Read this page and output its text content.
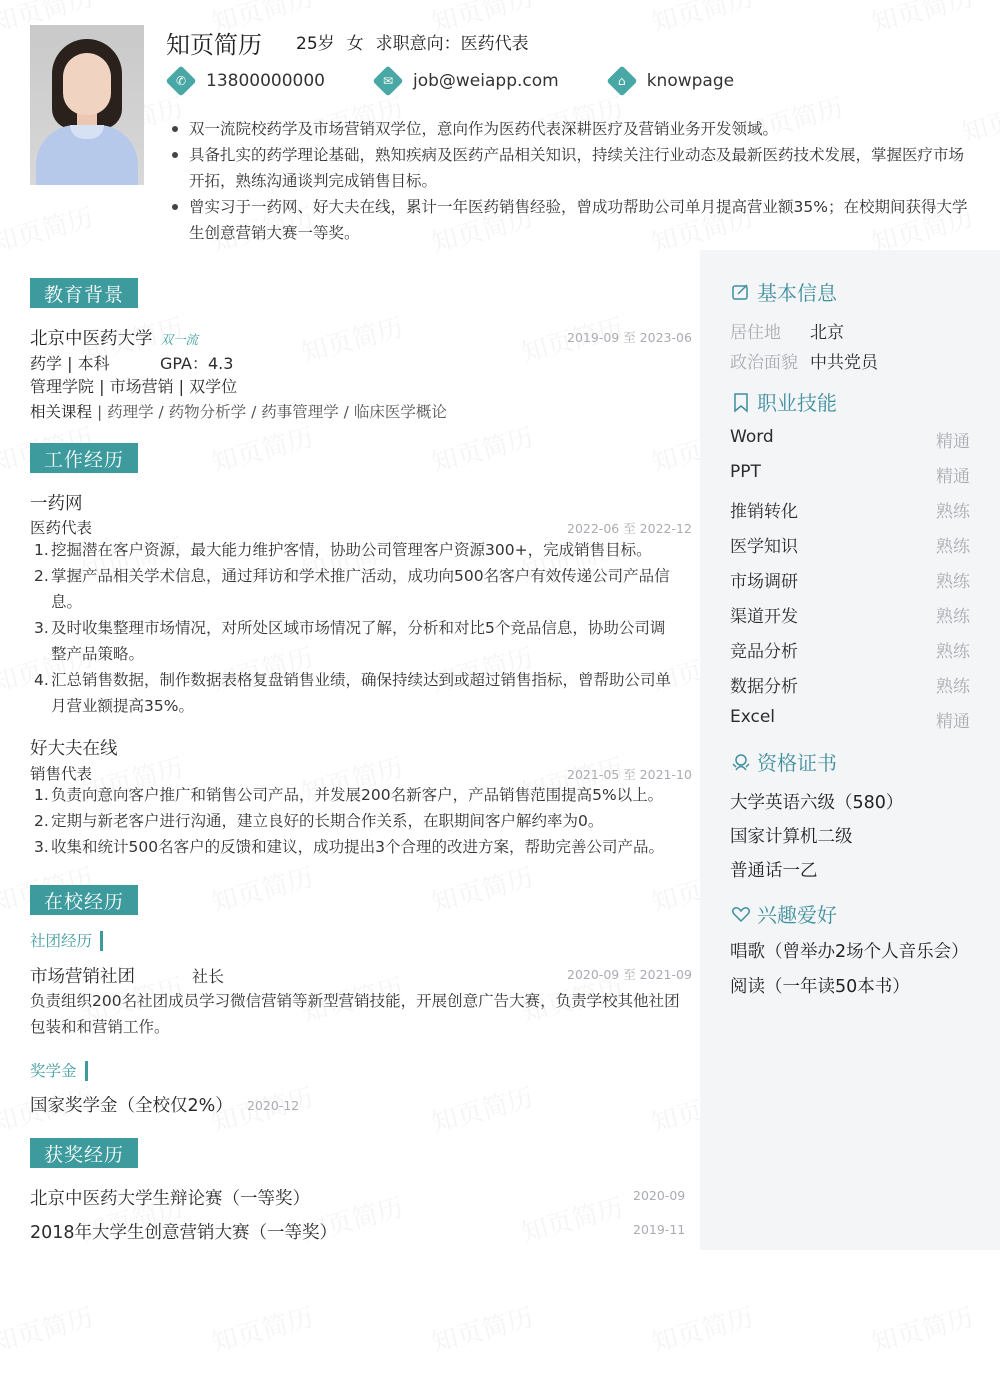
知页简历 25岁 女 求职意向：医药代表
✆	13800000000	✉	job@weiapp.com	⌂	knowpage
双一流院校药学及市场营销双学位，意向作为医药代表深耕医疗及营销业务开发领域。
具备扎实的药学理论基础，熟知疾病及医药产品相关知识，持续关注行业动态及最新医药技术发展，掌握医疗市场开拓，熟练沟通谈判完成销售目标。
曾实习于一药网、好大夫在线，累计一年医药销售经验，曾成功帮助公司单月提高营业额35%；在校期间获得大学生创意营销大赛一等奖。
教育背景
北京中医药大学 双一流	2019-09 至 2023-06
药学 | 本科	GPA：4.3
管理学院 | 市场营销 | 双学位
相关课程 | 药理学 / 药物分析学 / 药事管理学 / 临床医学概论
工作经历
一药网
医药代表	2022-06 至 2022-12
1. 挖掘潜在客户资源，最大能力维护客情，协助公司管理客户资源300+，完成销售目标。
2. 掌握产品相关学术信息，通过拜访和学术推广活动，成功向500名客户有效传递公司产品信息。
3. 及时收集整理市场情况，对所处区域市场情况了解，分析和对比5个竞品信息，协助公司调整产品策略。
4. 汇总销售数据，制作数据表格复盘销售业绩，确保持续达到或超过销售指标，曾帮助公司单月营业额提高35%。
好大夫在线
销售代表	2021-05 至 2021-10
1. 负责向意向客户推广和销售公司产品，并发展200名新客户，产品销售范围提高5%以上。
2. 定期与新老客户进行沟通，建立良好的长期合作关系，在职期间客户解约率为0。
3. 收集和统计500名客户的反馈和建议，成功提出3个合理的改进方案，帮助完善公司产品。
在校经历
社团经历
市场营销社团	社长	2020-09 至 2021-09
负责组织200名社团成员学习微信营销等新型营销技能，开展创意广告大赛，负责学校其他社团包装和和营销工作。
奖学金
国家奖学金（全校仅2%） 2020-12
获奖经历
北京中医药大学生辩论赛（一等奖）	2020-09
2018年大学生创意营销大赛（一等奖）	2019-11
基本信息
居住地	北京
政治面貌 中共党员
职业技能
Word	精通
PPT	精通
推销转化	熟练
医学知识	熟练
市场调研	熟练
渠道开发	熟练
竞品分析	熟练
数据分析	熟练
Excel	精通
资格证书
大学英语六级（580）
国家计算机二级
普通话一乙
兴趣爱好
唱歌（曾举办2场个人音乐会）
阅读（一年读50本书）
